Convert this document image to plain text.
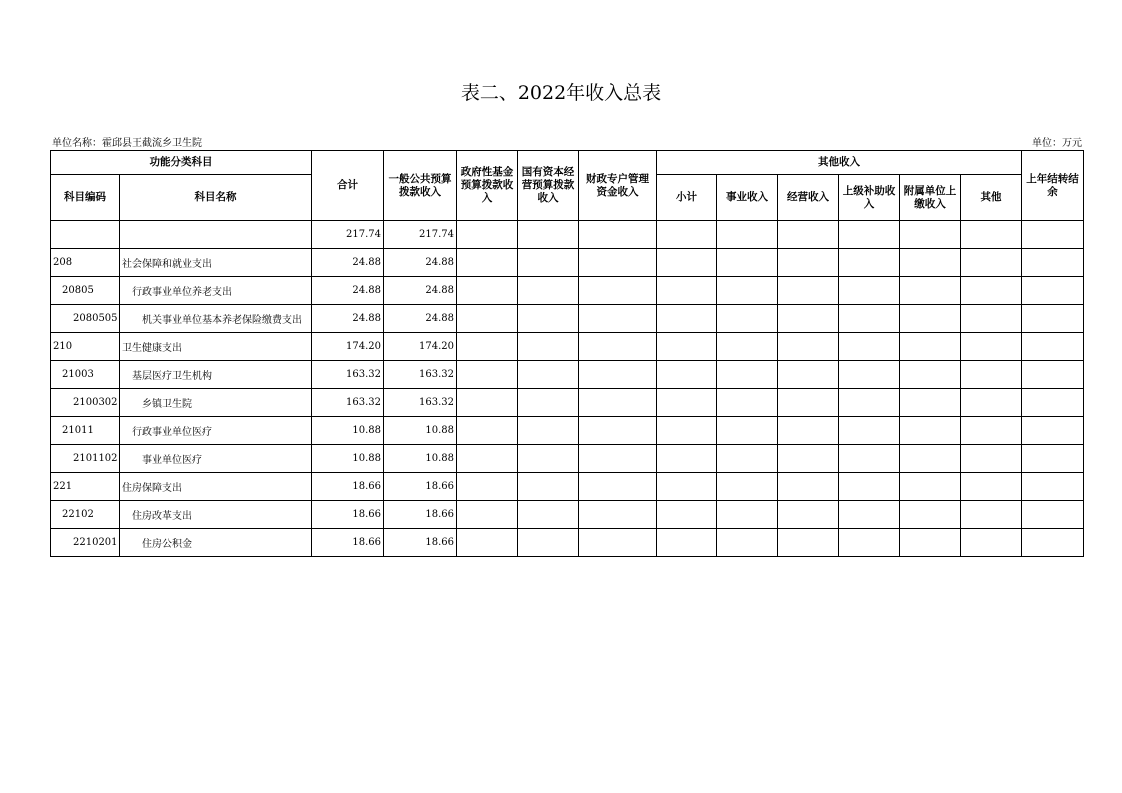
表二、2022年收入总表
单位名称：霍邱县王截流乡卫生院	单位：万元
功能分类科目		合计	一般公共预算拨款收入	政府性基金预算拨款收入	国有资本经营预算拨款收入	财政专户管理资金收入	其他收入						上年结转结余
科目编码	科目名称						小计	事业收入	经营收入	上级补助收入	附属单位上缴收入	其他	
		217.74	217.74										
208	社会保障和就业支出	24.88	24.88										
20805	行政事业单位养老支出	24.88	24.88										
2080505	机关事业单位基本养老保险缴费支出	24.88	24.88										
210	卫生健康支出	174.20	174.20										
21003	基层医疗卫生机构	163.32	163.32										
2100302	乡镇卫生院	163.32	163.32										
21011	行政事业单位医疗	10.88	10.88										
2101102	事业单位医疗	10.88	10.88										
221	住房保障支出	18.66	18.66										
22102	住房改革支出	18.66	18.66										
2210201	住房公积金	18.66	18.66										
